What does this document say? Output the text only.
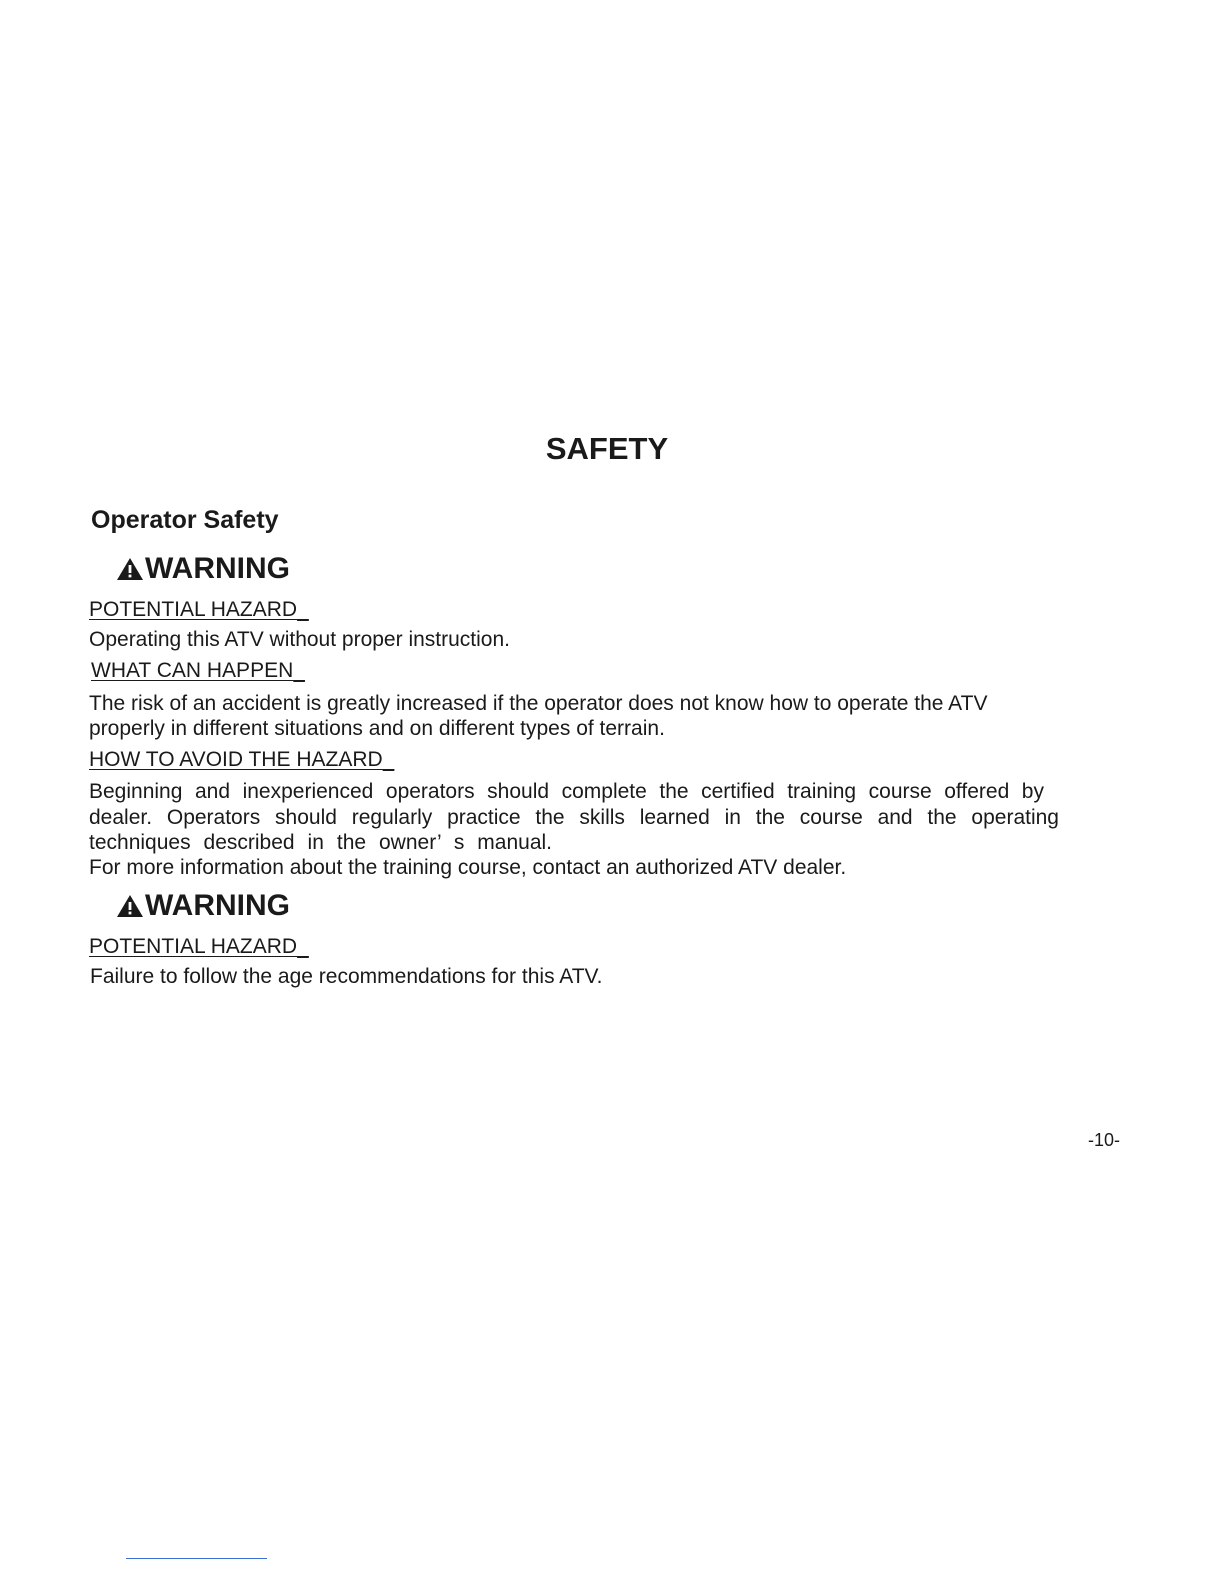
SAFETY
Operator Safety
WARNING
POTENTIAL HAZARD
Operating this ATV without proper instruction.
WHAT CAN HAPPEN
The risk of an accident is greatly increased if the operator does not know how to operate the ATV
properly in different situations and on different types of terrain.
HOW TO AVOID THE HAZARD
Beginning and inexperienced operators should complete the certified training course offered by
dealer. Operators should regularly practice the skills learned in the course and the operating
techniques described in the owner’ s manual.
For more information about the training course, contact an authorized ATV dealer.
WARNING
POTENTIAL HAZARD
Failure to follow the age recommendations for this ATV.
-10-
